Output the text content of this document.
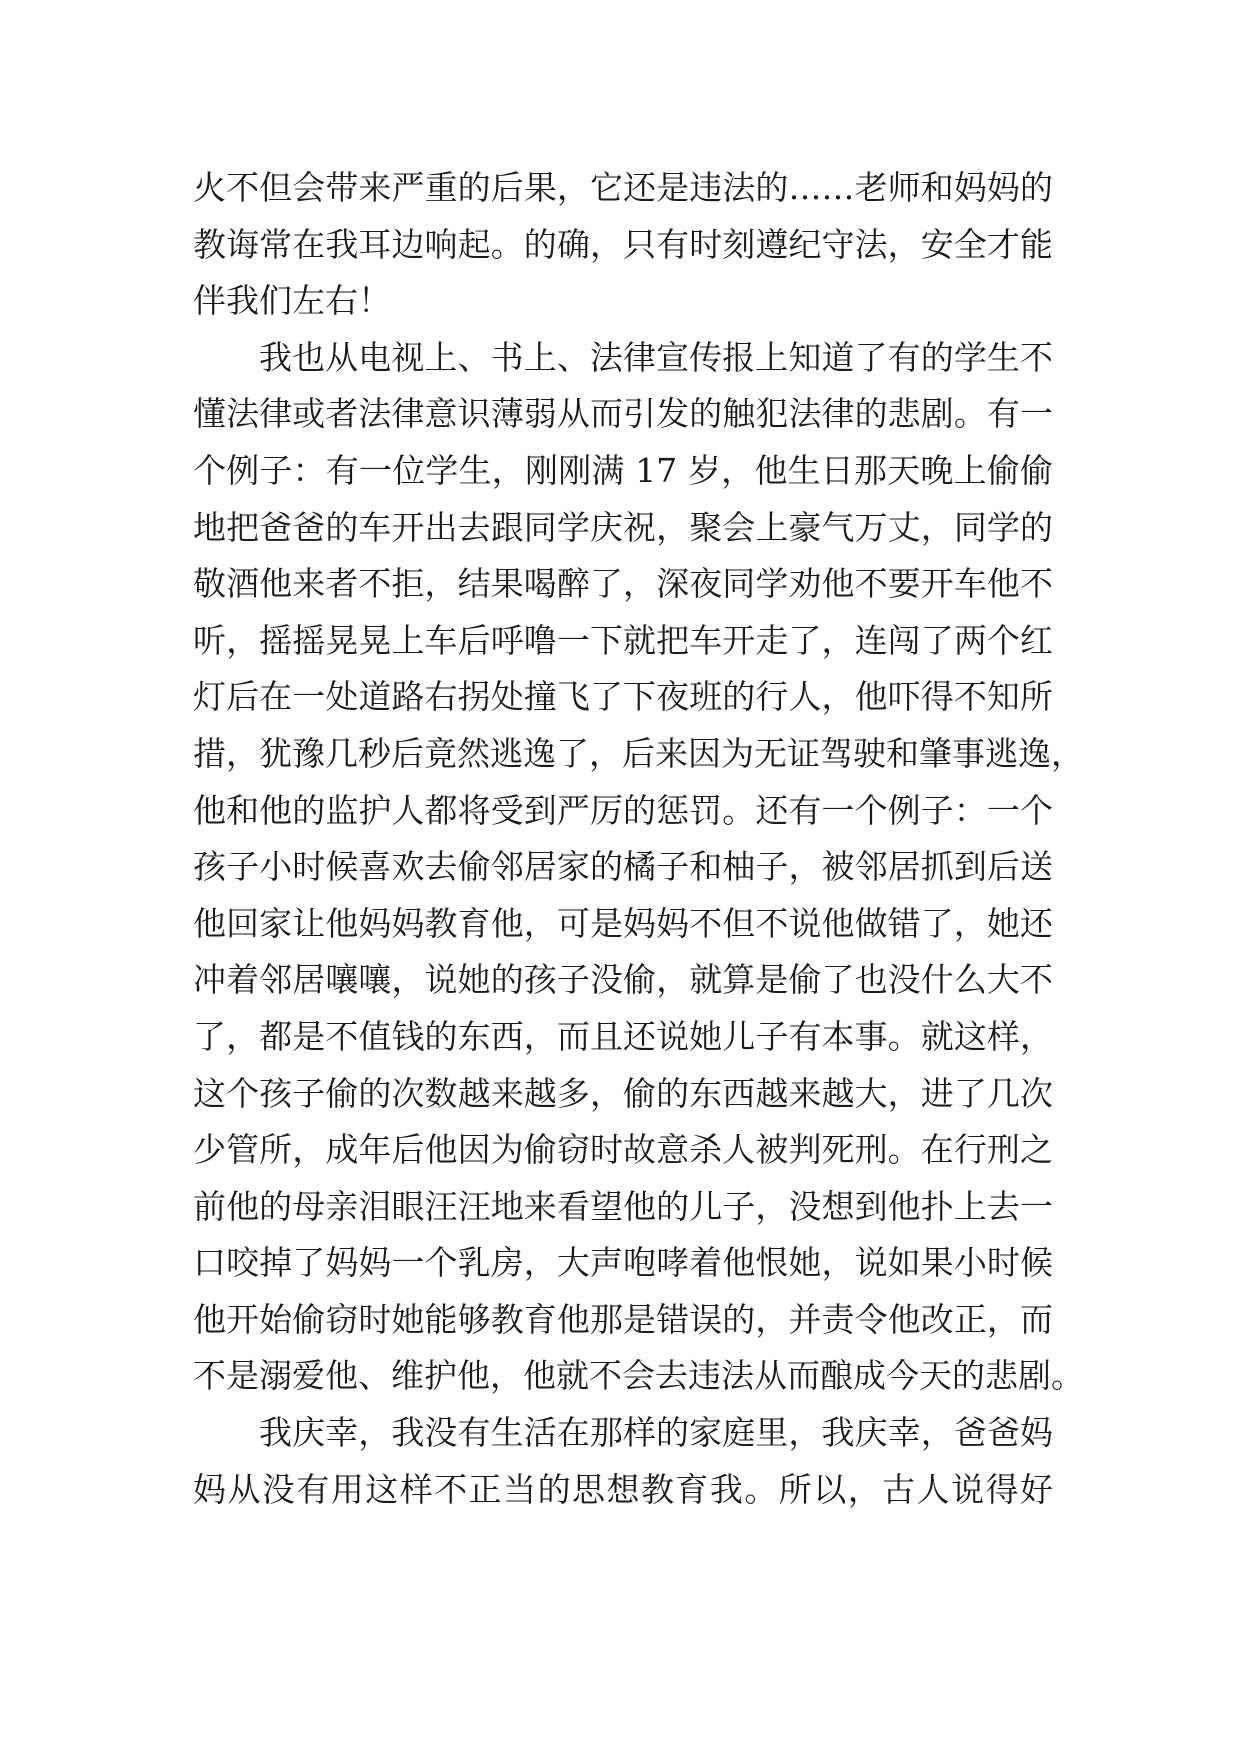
火不但会带来严重的后果，它还是违法的……老师和妈妈的
教诲常在我耳边响起。的确，只有时刻遵纪守法，安全才能
伴我们左右！
我也从电视上、书上、法律宣传报上知道了有的学生不
懂法律或者法律意识薄弱从而引发的触犯法律的悲剧。有一
个例子：有一位学生，刚刚满 17 岁，他生日那天晚上偷偷
地把爸爸的车开出去跟同学庆祝，聚会上豪气万丈，同学的
敬酒他来者不拒，结果喝醉了，深夜同学劝他不要开车他不
听，摇摇晃晃上车后呼噜一下就把车开走了，连闯了两个红
灯后在一处道路右拐处撞飞了下夜班的行人，他吓得不知所
措，犹豫几秒后竟然逃逸了，后来因为无证驾驶和肇事逃逸，
他和他的监护人都将受到严厉的惩罚。还有一个例子：一个
孩子小时候喜欢去偷邻居家的橘子和柚子，被邻居抓到后送
他回家让他妈妈教育他，可是妈妈不但不说他做错了，她还
冲着邻居嚷嚷，说她的孩子没偷，就算是偷了也没什么大不
了，都是不值钱的东西，而且还说她儿子有本事。就这样，
这个孩子偷的次数越来越多，偷的东西越来越大，进了几次
少管所，成年后他因为偷窃时故意杀人被判死刑。在行刑之
前他的母亲泪眼汪汪地来看望他的儿子，没想到他扑上去一
口咬掉了妈妈一个乳房，大声咆哮着他恨她，说如果小时候
他开始偷窃时她能够教育他那是错误的，并责令他改正，而
不是溺爱他、维护他，他就不会去违法从而酿成今天的悲剧。
我庆幸，我没有生活在那样的家庭里，我庆幸，爸爸妈
妈从没有用这样不正当的思想教育我。所以，古人说得好
